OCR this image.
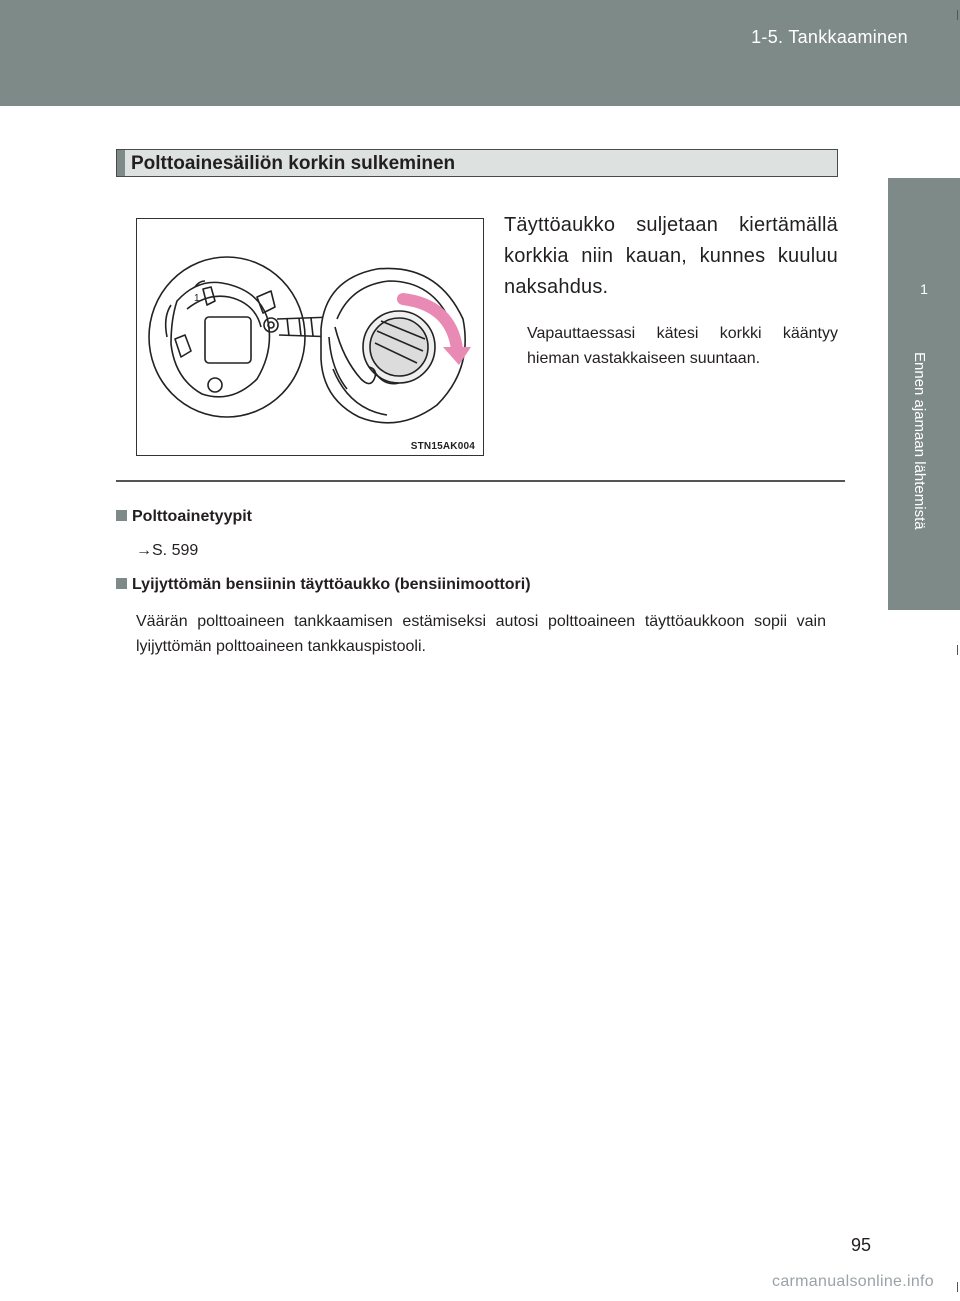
1-5. Tankkaaminen
1
Ennen ajamaan lähtemistä
Polttoainesäiliön korkin sulkeminen
1
STN15AK004
Täyttöaukko suljetaan kiertämällä korkkia niin kauan, kunnes kuuluu naksahdus.
Vapauttaessasi kätesi korkki kääntyy hieman vastakkaiseen suuntaan.
Polttoainetyypit
→S. 599
Lyijyttömän bensiinin täyttöaukko (bensiinimoottori)
Väärän polttoaineen tankkaamisen estämiseksi autosi polttoaineen täyttöaukkoon sopii vain lyijyttömän polttoaineen tankkauspistooli.
95
carmanualsonline.info
